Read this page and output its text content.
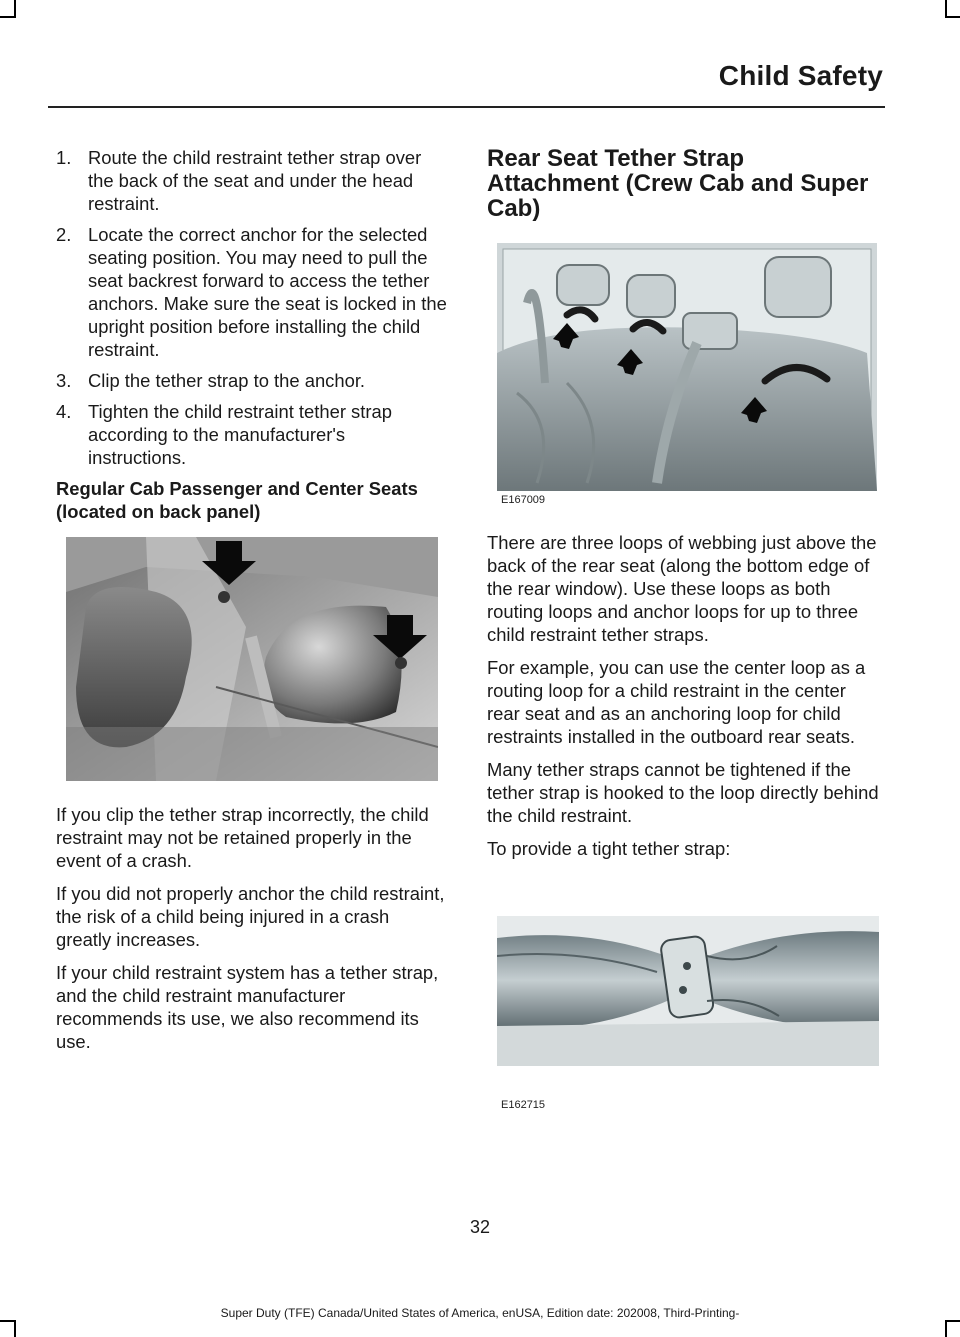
Child Safety
1. Route the child restraint tether strap over the back of the seat and under the head restraint.
2. Locate the correct anchor for the selected seating position. You may need to pull the seat backrest forward to access the tether anchors. Make sure the seat is locked in the upright position before installing the child restraint.
3. Clip the tether strap to the anchor.
4. Tighten the child restraint tether strap according to the manufacturer's instructions.
Regular Cab Passenger and Center Seats (located on back panel)

If you clip the tether strap incorrectly, the child restraint may not be retained properly in the event of a crash.

If you did not properly anchor the child restraint, the risk of a child being injured in a crash greatly increases.

If your child restraint system has a tether strap, and the child restraint manufacturer recommends its use, we also recommend its use.

Rear Seat Tether Strap Attachment (Crew Cab and Super Cab)
E167009

There are three loops of webbing just above the back of the rear seat (along the bottom edge of the rear window). Use these loops as both routing loops and anchor loops for up to three child restraint tether straps.

For example, you can use the center loop as a routing loop for a child restraint in the center rear seat and as an anchoring loop for child restraints installed in the outboard rear seats.

Many tether straps cannot be tightened if the tether strap is hooked to the loop directly behind the child restraint.

To provide a tight tether strap:

E162715
32
Super Duty (TFE) Canada/United States of America, enUSA, Edition date: 202008, Third-Printing-
